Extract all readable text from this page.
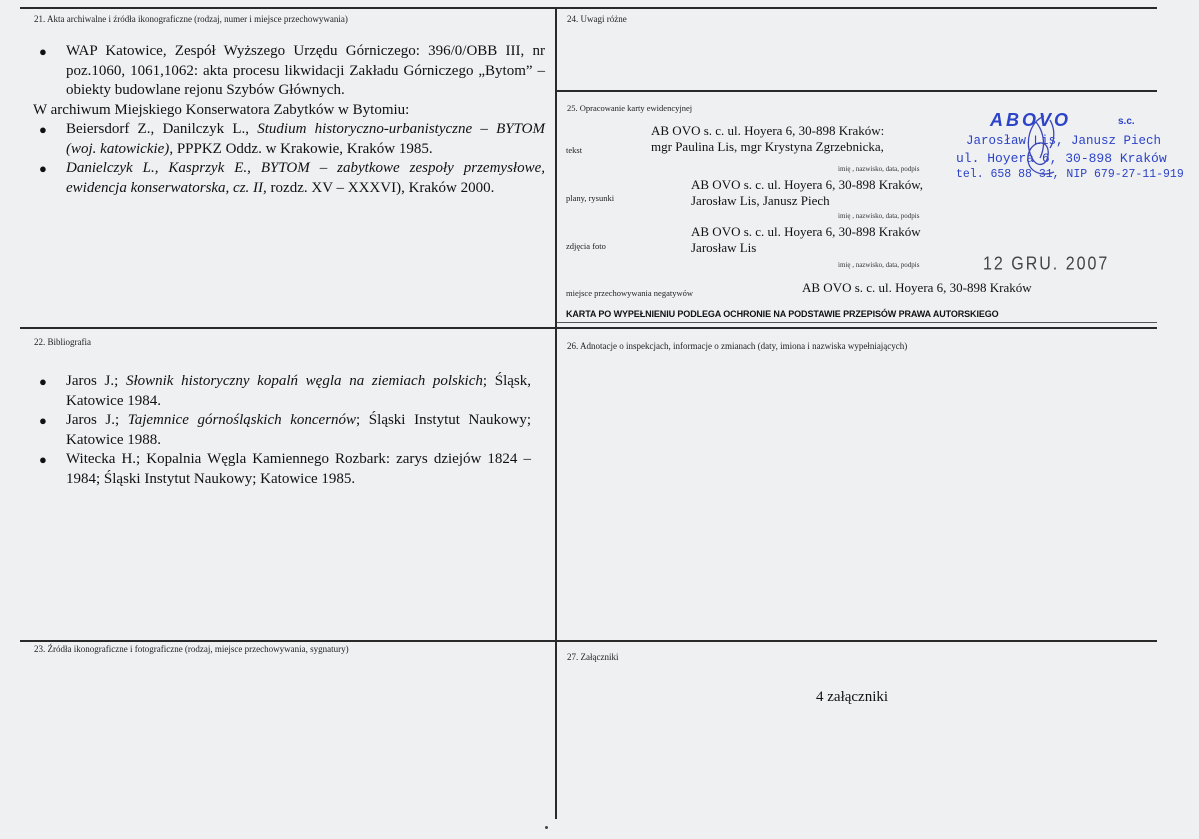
21. Akta archiwalne i źródła ikonograficzne (rodzaj, numer i miejsce przechowywania)
● WAP Katowice, Zespół Wyższego Urzędu Górniczego: 396/0/OBB III, nr poz.1060, 1061,1062: akta procesu likwidacji Zakładu Górniczego „Bytom” – obiekty budowlane rejonu Szybów Głównych.
W archiwum Miejskiego Konserwatora Zabytków w Bytomiu:
● Beiersdorf Z., Danilczyk L., Studium historyczno-urbanistyczne – BYTOM (woj. katowickie), PPPKZ Oddz. w Krakowie, Kraków 1985.
● Danielczyk L., Kasprzyk E., BYTOM – zabytkowe zespoły przemysłowe, ewidencja konserwatorska, cz. II, rozdz. XV – XXXVI), Kraków 2000.
22. Bibliografia
● Jaros J.; Słownik historyczny kopalń węgla na ziemiach polskich; Śląsk, Katowice 1984.
● Jaros J.; Tajemnice górnośląskich koncernów; Śląski Instytut Naukowy; Katowice 1988.
● Witecka H.; Kopalnia Węgla Kamiennego Rozbark: zarys dziejów 1824 – 1984; Śląski Instytut Naukowy; Katowice 1985.
23. Źródła ikonograficzne i fotograficzne (rodzaj, miejsce przechowywania, sygnatury)
24. Uwagi różne
25. Opracowanie karty ewidencyjnej
tekst
AB OVO s. c. ul. Hoyera 6, 30-898 Kraków:
mgr Paulina Lis, mgr Krystyna Zgrzebnicka,
imię , nazwisko, data, podpis
plany, rysunki
AB OVO s. c. ul. Hoyera 6, 30-898 Kraków,
Jarosław Lis, Janusz Piech
imię , nazwisko, data, podpis
zdjęcia foto
AB OVO s. c. ul. Hoyera 6, 30-898 Kraków
Jarosław Lis
imię , nazwisko, data, podpis
miejsce przechowywania negatywów	AB OVO s. c. ul. Hoyera 6, 30-898 Kraków
KARTA PO WYPEŁNIENIU PODLEGA OCHRONIE NA PODSTAWIE PRZEPISÓW PRAWA AUTORSKIEGO
ABOVO	s.c.
Jarosław Lis, Janusz Piech
ul. Hoyera 6, 30-898 Kraków
tel. 658 88 31, NIP 679-27-11-919
12 GRU. 2007
26. Adnotacje o inspekcjach, informacje o zmianach (daty, imiona i nazwiska wypełniających)
27. Załączniki
4 załączniki
